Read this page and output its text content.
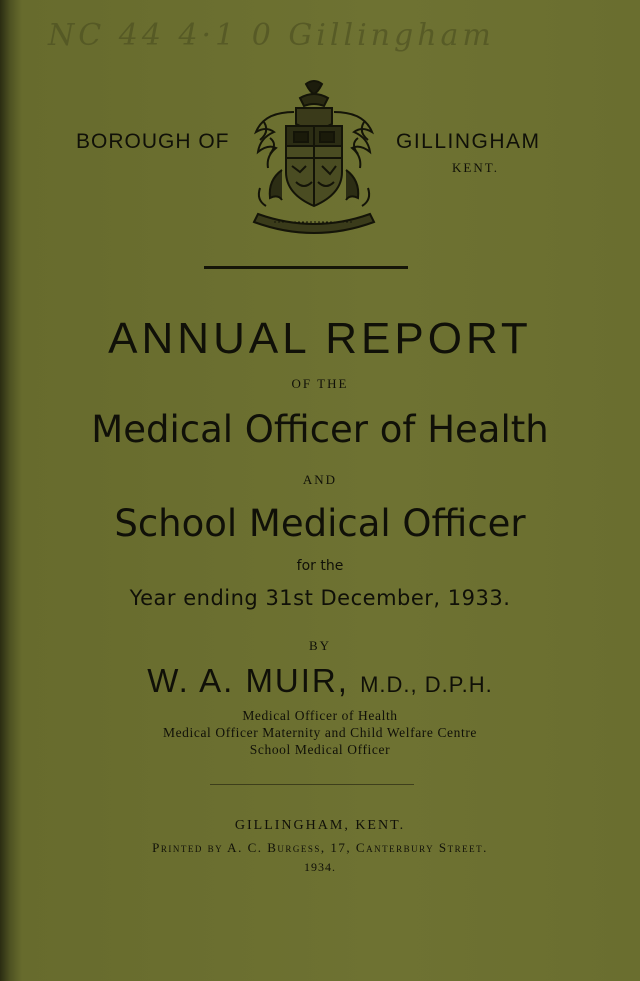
NC 44 4·1 0 Gillingham
BOROUGH OF	GILLINGHAM
KENT.
ANNUAL REPORT
OF THE
Medical Officer of Health
AND
School Medical Officer
for the
Year ending 31st December, 1933.
BY
W. A. MUIR, M.D., D.P.H.
Medical Officer of Health
Medical Officer Maternity and Child Welfare Centre
School Medical Officer
GILLINGHAM, KENT.
Printed by A. C. Burgess, 17, Canterbury Street.
1934.
